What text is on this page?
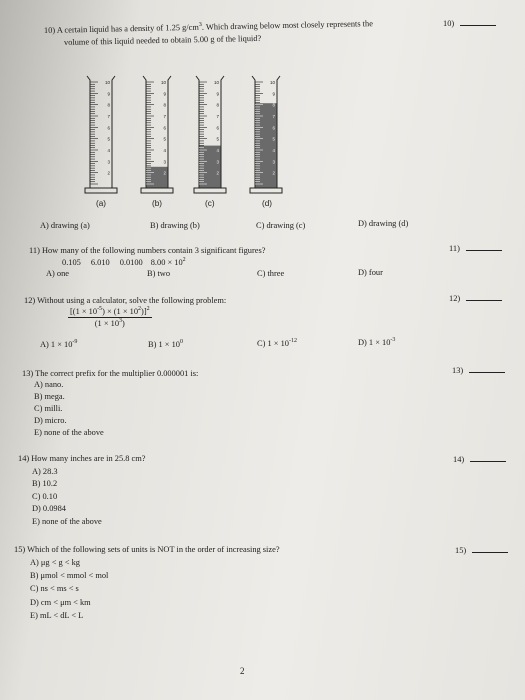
10)
10) A certain liquid has a density of 1.25 $g/cm^3$. Which drawing below most closely represents the
volume of this liquid needed to obtain 5.00 g of the liquid?
10
9
8
7
6
5
4
3
2
10
9
8
7
6
5
4
3
2
10
9
8
7
6
5
4
3
2
10
9
8
7
6
5
4
3
2
(a)	(b)	(c)	(d)
A) drawing (a)	B) drawing (b)	C) drawing (c)	D) drawing (d)
11)
11) How many of the following numbers contain 3 significant figures?
0.105 6.010 0.0100 $8.00 \times 10^2$
A) one	B) two	C) three	D) four
12)
12) Without using a calculator, solve the following problem:
$\frac{[(1 \times 10^{-5}) \times (1 \times 10^2)]^2}{(1 \times 10^3)}$
A) $1 \times 10^{-9}$	B) $1 \times 10^0$	C) $1 \times 10^{-12}$	D) $1 \times 10^{-3}$
13)
13) The correct prefix for the multiplier 0.000001 is:
A) nano.
B) mega.
C) milli.
D) micro.
E) none of the above
14)
14) How many inches are in 25.8 cm?
A) 28.3
B) 10.2
C) 0.10
D) 0.0984
E) none of the above
15)
15) Which of the following sets of units is NOT in the order of increasing size?
A) μg < g < kg
B) μmol < mmol < mol
C) ns < ms < s
D) cm < μm < km
E) mL < dL < L
2
